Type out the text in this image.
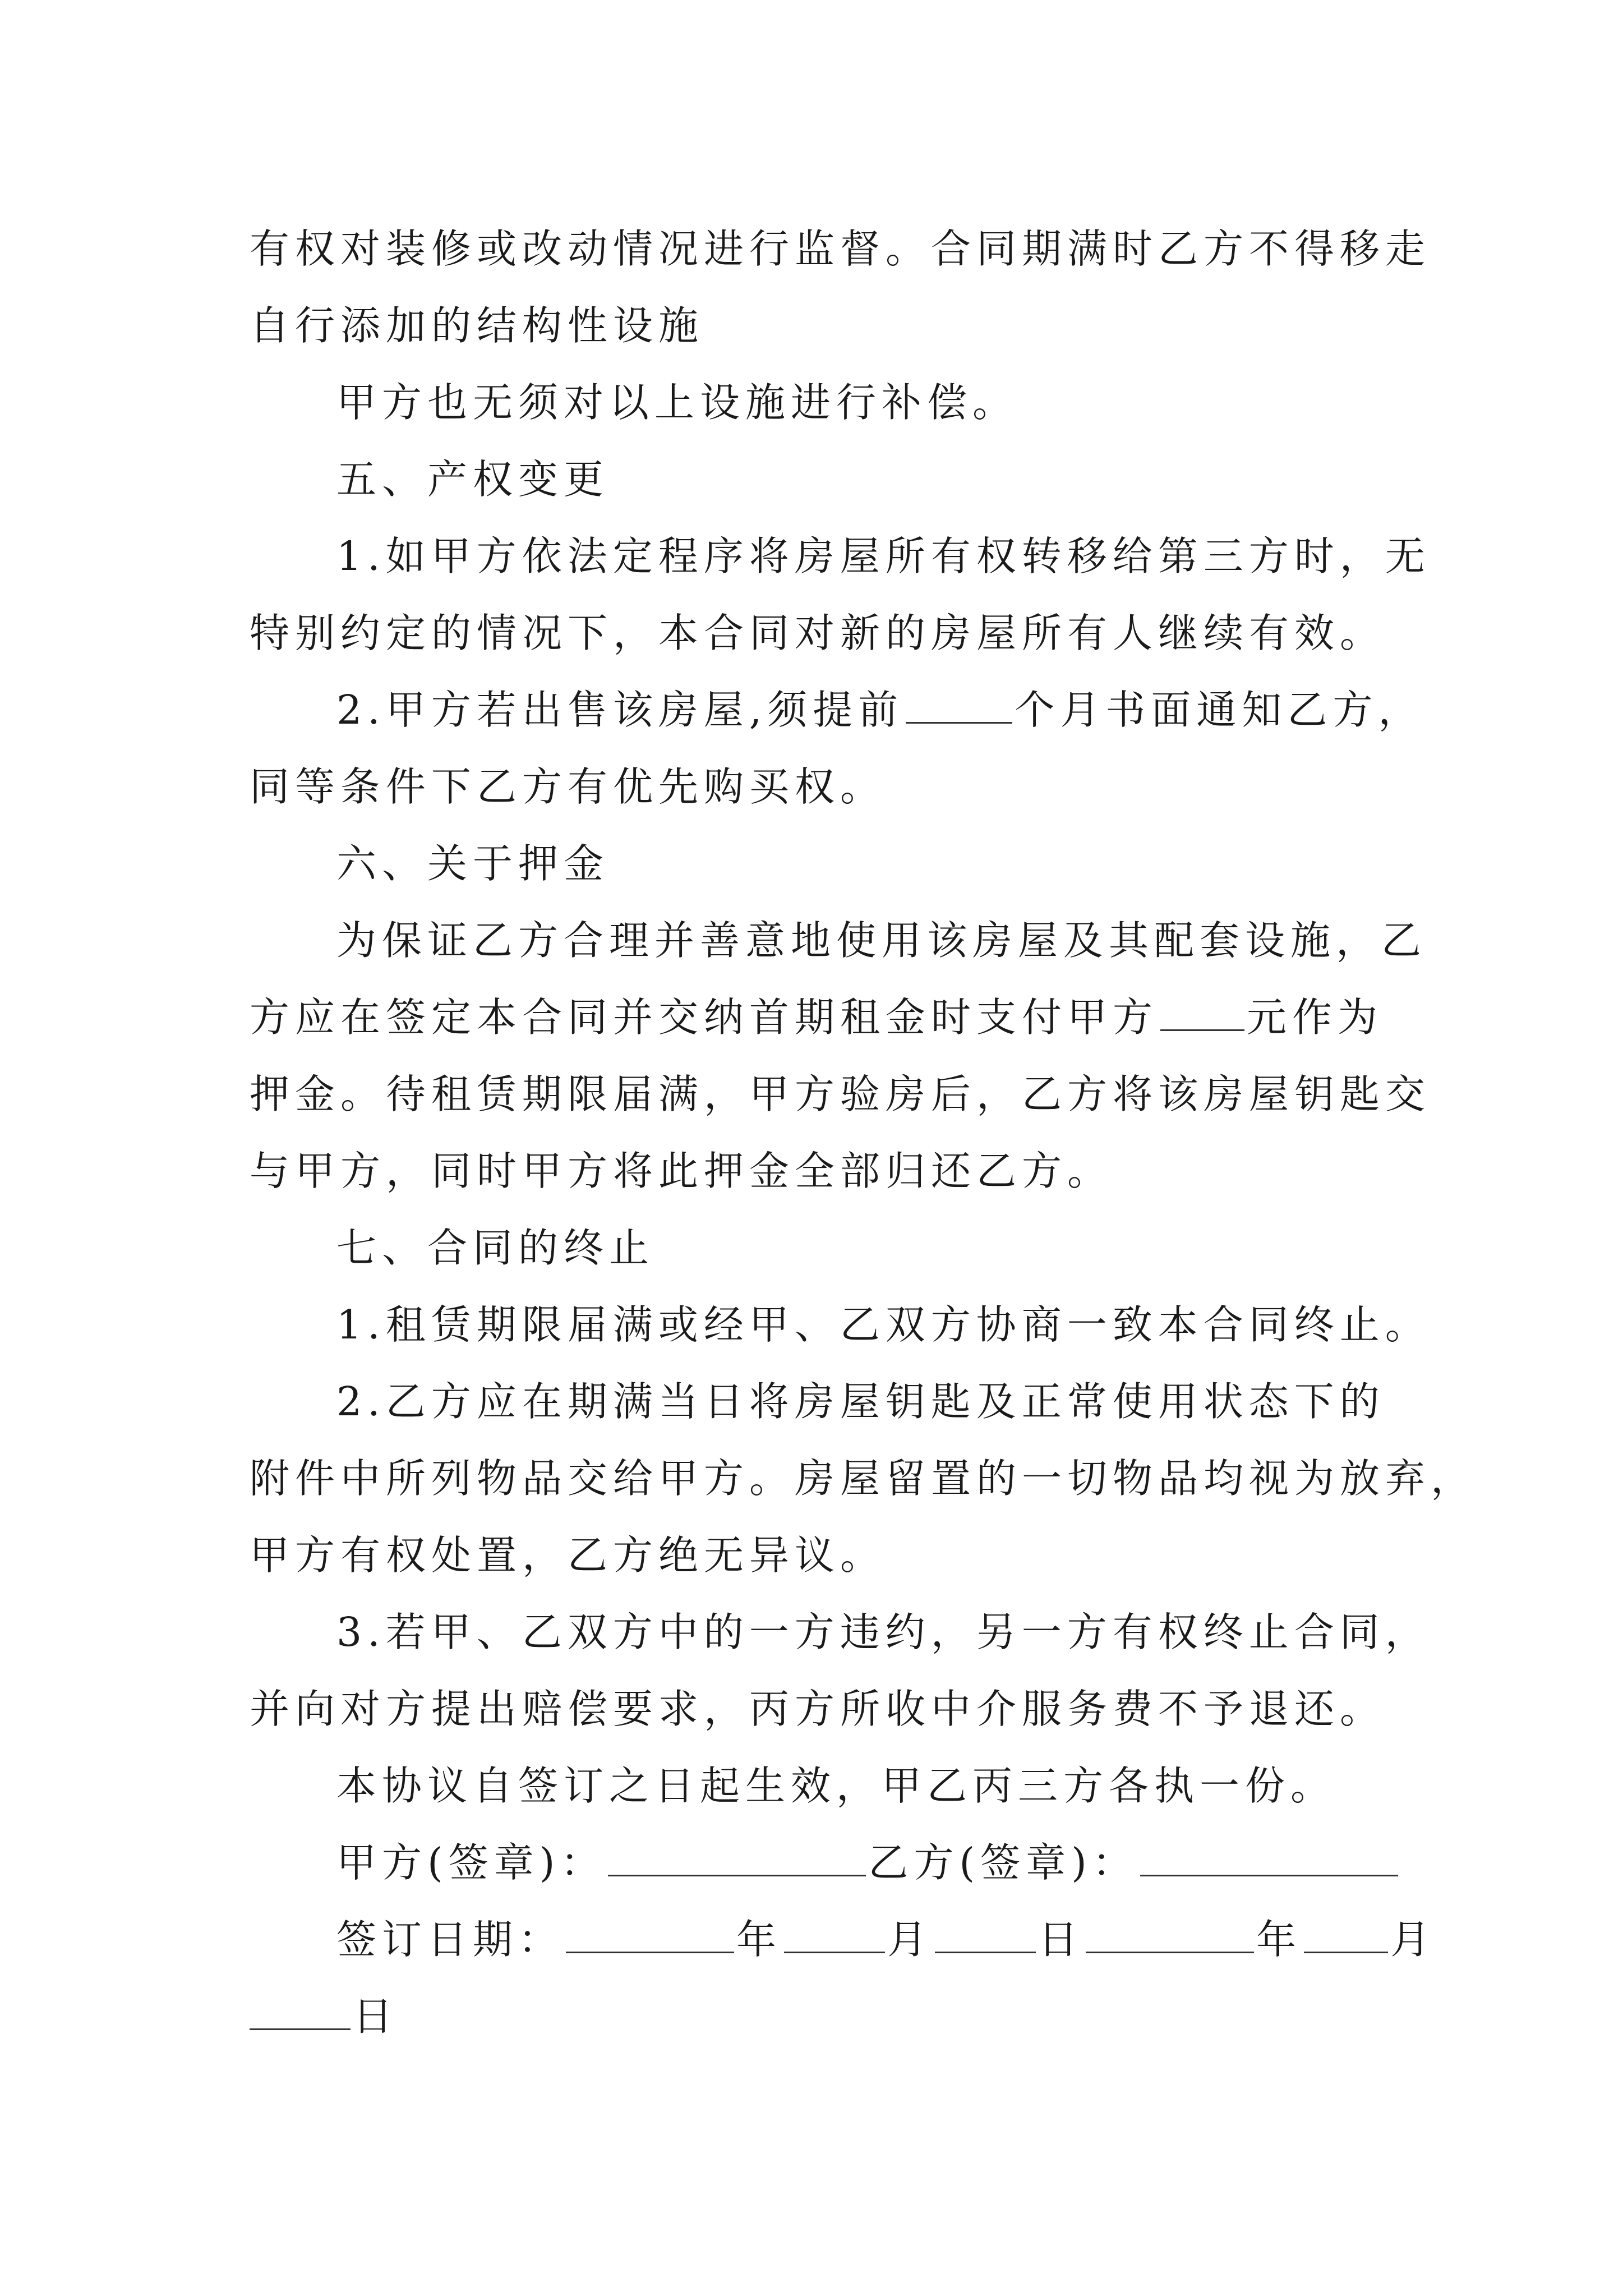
有权对装修或改动情况进行监督。合同期满时乙方不得移走
自行添加的结构性设施
甲方也无须对以上设施进行补偿。
五、产权变更
1.如甲方依法定程序将房屋所有权转移给第三方时，无
特别约定的情况下，本合同对新的房屋所有人继续有效。
2.甲方若出售该房屋,须提前	个月书面通知乙方，
同等条件下乙方有优先购买权。
六、关于押金
为保证乙方合理并善意地使用该房屋及其配套设施，乙
方应在签定本合同并交纳首期租金时支付甲方 元作为
押金。待租赁期限届满，甲方验房后，乙方将该房屋钥匙交
与甲方，同时甲方将此押金全部归还乙方。
七、合同的终止
1.租赁期限届满或经甲、乙双方协商一致本合同终止。
2.乙方应在期满当日将房屋钥匙及正常使用状态下的
附件中所列物品交给甲方。房屋留置的一切物品均视为放弃，
甲方有权处置，乙方绝无异议。
3.若甲、乙双方中的一方违约，另一方有权终止合同，
并向对方提出赔偿要求，丙方所收中介服务费不予退还。
本协议自签订之日起生效，甲乙丙三方各执一份。
甲方(签章)：	乙方(签章)：
签订日期：	年	月	日	年 月
日
